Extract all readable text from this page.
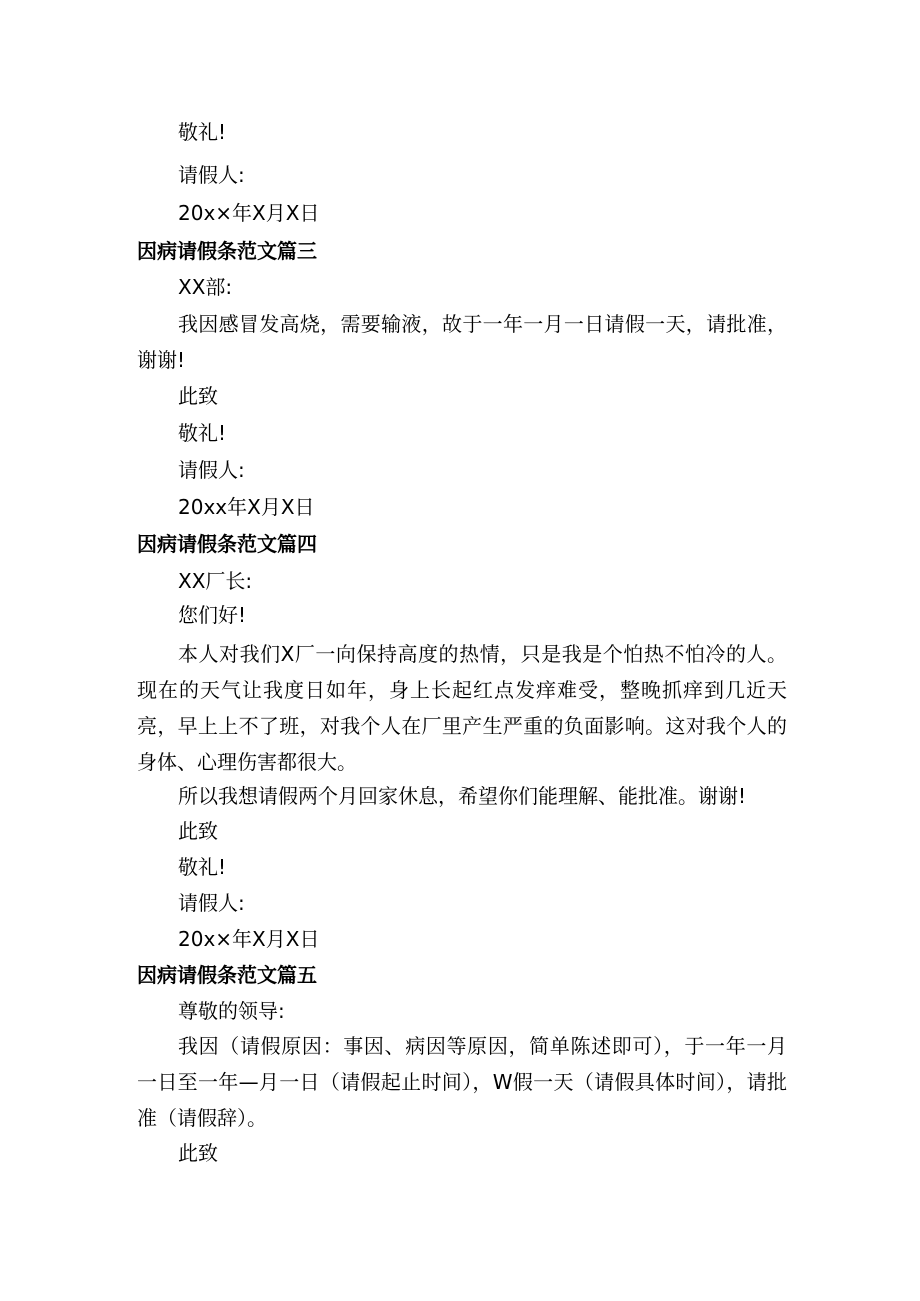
敬礼!
请假人:
20x×年X月X日
因病请假条范文篇三
XX部:
我因感冒发高烧，需要输液，故于一年一月一日请假一天，请批准，谢谢!
此致
敬礼!
请假人:
20xx年X月X日
因病请假条范文篇四
XX厂长:
您们好!
本人对我们X厂一向保持高度的热情，只是我是个怕热不怕冷的人。现在的天气让我度日如年，身上长起红点发痒难受，整晚抓痒到几近天亮，早上上不了班，对我个人在厂里产生严重的负面影响。这对我个人的身体、心理伤害都很大。
所以我想请假两个月回家休息，希望你们能理解、能批准。谢谢!
此致
敬礼!
请假人:
20x×年X月X日
因病请假条范文篇五
尊敬的领导:
我因（请假原因：事因、病因等原因，简单陈述即可），于一年一月一日至一年—月一日（请假起止时间），W假一天（请假具体时间），请批准（请假辞）。
此致
